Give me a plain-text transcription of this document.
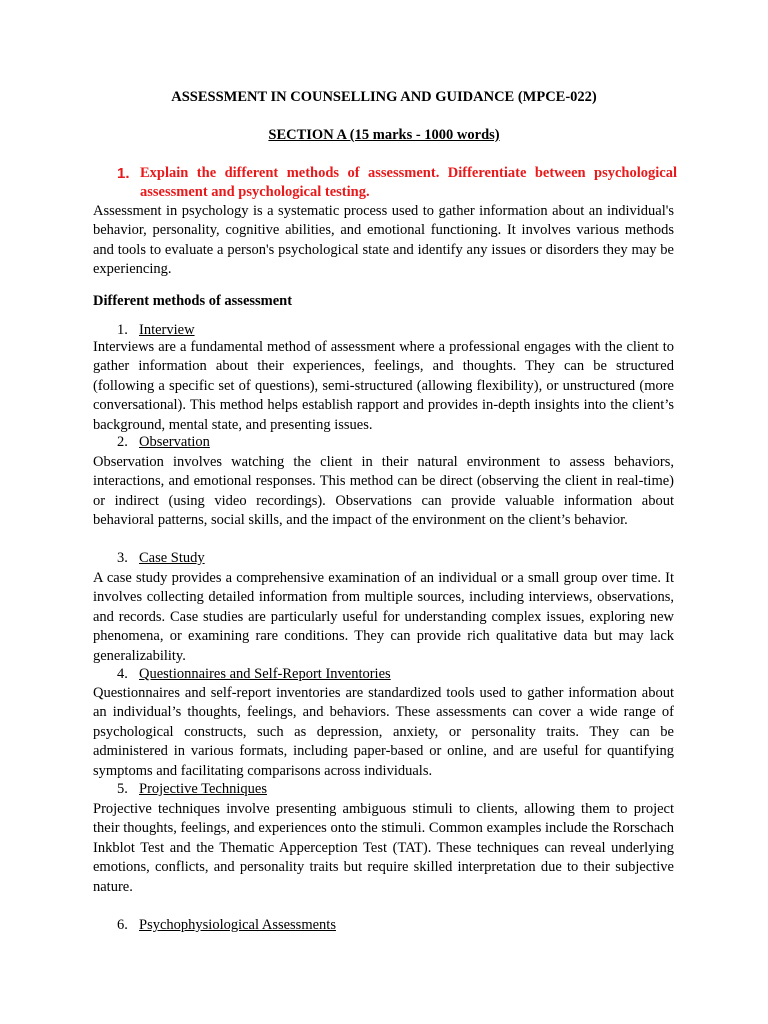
ASSESSMENT IN COUNSELLING AND GUIDANCE (MPCE-022)
SECTION A (15 marks - 1000 words)
1. Explain the different methods of assessment. Differentiate between psychological assessment and psychological testing.

Assessment in psychology is a systematic process used to gather information about an individual's behavior, personality, cognitive abilities, and emotional functioning. It involves various methods and tools to evaluate a person's psychological state and identify any issues or disorders they may be experiencing.

Different methods of assessment
1. Interview

Interviews are a fundamental method of assessment where a professional engages with the client to gather information about their experiences, feelings, and thoughts. They can be structured (following a specific set of questions), semi-structured (allowing flexibility), or unstructured (more conversational). This method helps establish rapport and provides in-depth insights into the client’s background, mental state, and presenting issues.

2. Observation

Observation involves watching the client in their natural environment to assess behaviors, interactions, and emotional responses. This method can be direct (observing the client in real-time) or indirect (using video recordings). Observations can provide valuable information about behavioral patterns, social skills, and the impact of the environment on the client’s behavior.

3. Case Study

A case study provides a comprehensive examination of an individual or a small group over time. It involves collecting detailed information from multiple sources, including interviews, observations, and records. Case studies are particularly useful for understanding complex issues, exploring new phenomena, or examining rare conditions. They can provide rich qualitative data but may lack generalizability.

4. Questionnaires and Self-Report Inventories

Questionnaires and self-report inventories are standardized tools used to gather information about an individual’s thoughts, feelings, and behaviors. These assessments can cover a wide range of psychological constructs, such as depression, anxiety, or personality traits. They can be administered in various formats, including paper-based or online, and are useful for quantifying symptoms and facilitating comparisons across individuals.

5. Projective Techniques

Projective techniques involve presenting ambiguous stimuli to clients, allowing them to project their thoughts, feelings, and experiences onto the stimuli. Common examples include the Rorschach Inkblot Test and the Thematic Apperception Test (TAT). These techniques can reveal underlying emotions, conflicts, and personality traits but require skilled interpretation due to their subjective nature.

6. Psychophysiological Assessments
